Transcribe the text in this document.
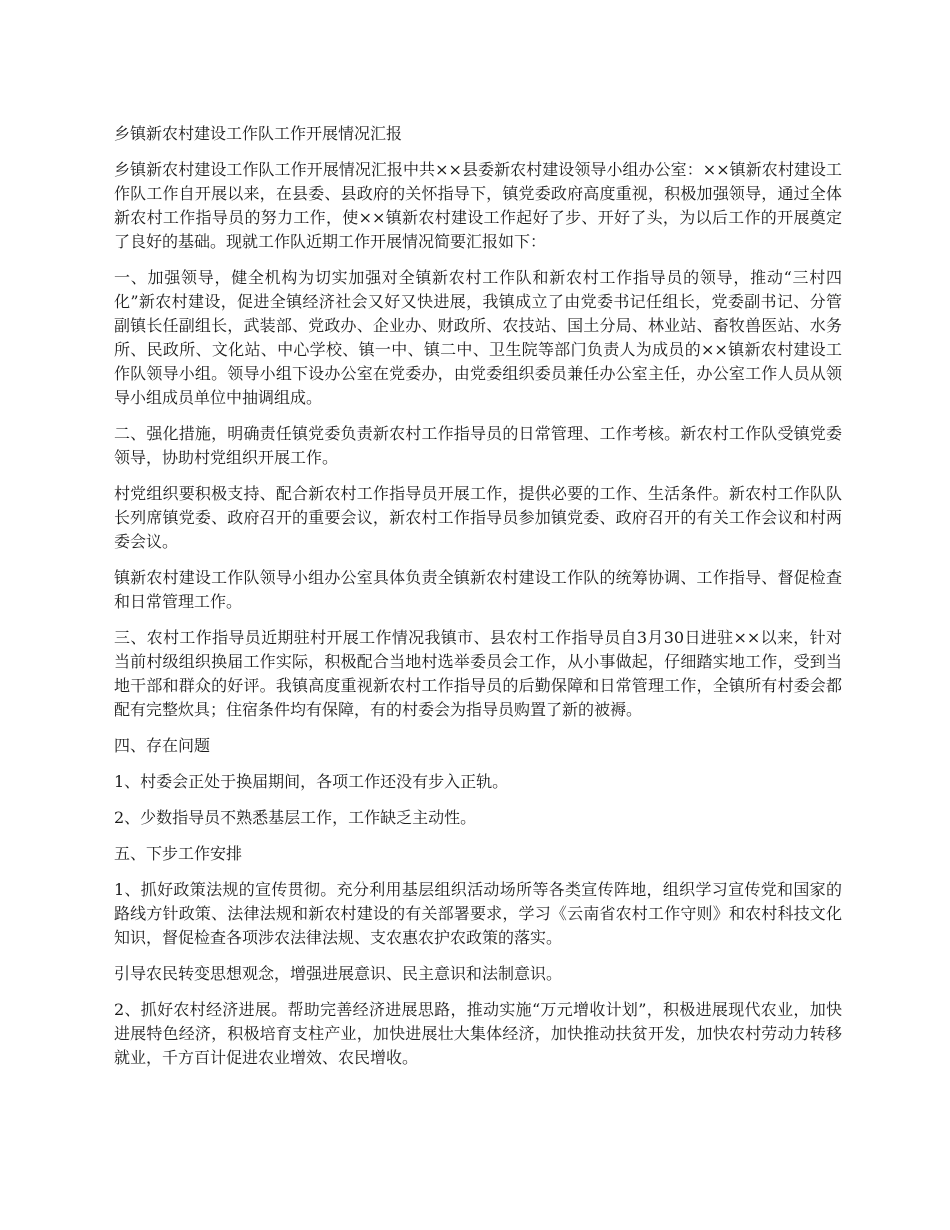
乡镇新农村建设工作队工作开展情况汇报
乡镇新农村建设工作队工作开展情况汇报中共××县委新农村建设领导小组办公室：××镇新农村建设工作队工作自开展以来，在县委、县政府的关怀指导下，镇党委政府高度重视，积极加强领导，通过全体新农村工作指导员的努力工作，使××镇新农村建设工作起好了步、开好了头，为以后工作的开展奠定了良好的基础。现就工作队近期工作开展情况简要汇报如下：
一、加强领导，健全机构为切实加强对全镇新农村工作队和新农村工作指导员的领导，推动“三村四化”新农村建设，促进全镇经济社会又好又快进展，我镇成立了由党委书记任组长，党委副书记、分管副镇长任副组长，武装部、党政办、企业办、财政所、农技站、国土分局、林业站、畜牧兽医站、水务所、民政所、文化站、中心学校、镇一中、镇二中、卫生院等部门负责人为成员的××镇新农村建设工作队领导小组。领导小组下设办公室在党委办，由党委组织委员兼任办公室主任，办公室工作人员从领导小组成员单位中抽调组成。
二、强化措施，明确责任镇党委负责新农村工作指导员的日常管理、工作考核。新农村工作队受镇党委领导，协助村党组织开展工作。
村党组织要积极支持、配合新农村工作指导员开展工作，提供必要的工作、生活条件。新农村工作队队长列席镇党委、政府召开的重要会议，新农村工作指导员参加镇党委、政府召开的有关工作会议和村两委会议。
镇新农村建设工作队领导小组办公室具体负责全镇新农村建设工作队的统筹协调、工作指导、督促检查和日常管理工作。
三、农村工作指导员近期驻村开展工作情况我镇市、县农村工作指导员自3月30日进驻××以来，针对当前村级组织换届工作实际，积极配合当地村选举委员会工作，从小事做起，仔细踏实地工作，受到当地干部和群众的好评。我镇高度重视新农村工作指导员的后勤保障和日常管理工作，全镇所有村委会都配有完整炊具；住宿条件均有保障，有的村委会为指导员购置了新的被褥。
四、存在问题
1、村委会正处于换届期间，各项工作还没有步入正轨。
2、少数指导员不熟悉基层工作，工作缺乏主动性。
五、下步工作安排
1、抓好政策法规的宣传贯彻。充分利用基层组织活动场所等各类宣传阵地，组织学习宣传党和国家的路线方针政策、法律法规和新农村建设的有关部署要求，学习《云南省农村工作守则》和农村科技文化知识，督促检查各项涉农法律法规、支农惠农护农政策的落实。
引导农民转变思想观念，增强进展意识、民主意识和法制意识。
2、抓好农村经济进展。帮助完善经济进展思路，推动实施“万元增收计划”，积极进展现代农业，加快进展特色经济，积极培育支柱产业，加快进展壮大集体经济，加快推动扶贫开发，加快农村劳动力转移就业，千方百计促进农业增效、农民增收。
